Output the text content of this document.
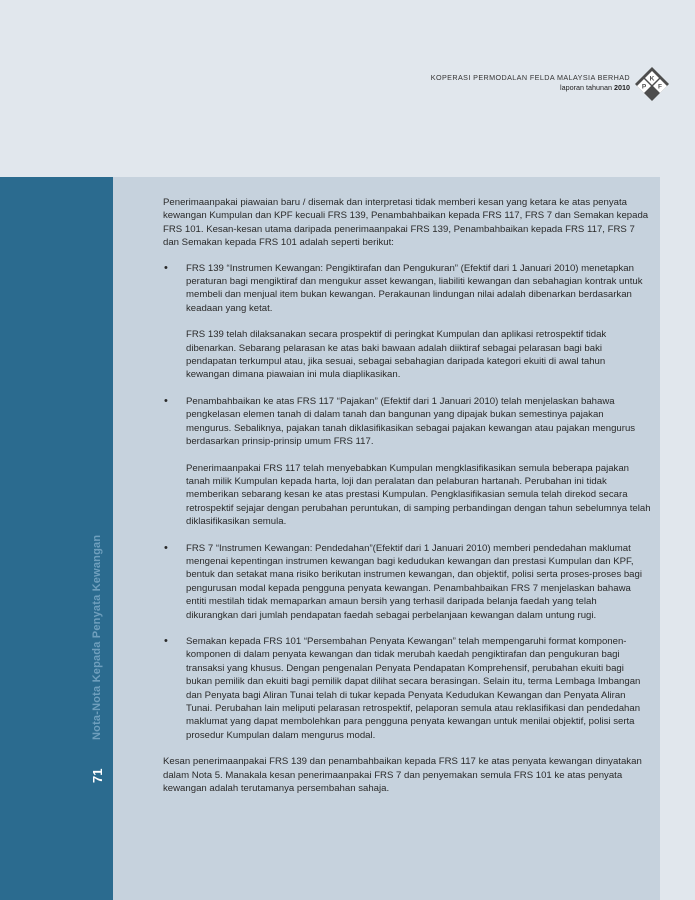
KOPERASI PERMODALAN FELDA MALAYSIA BERHAD
laporan tahunan 2010
K
P F
Nota-Nota Kepada Penyata Kewangan
71

Penerimaanpakai piawaian baru / disemak dan interpretasi tidak memberi kesan yang ketara ke atas penyata kewangan Kumpulan dan KPF kecuali FRS 139, Penambahbaikan kepada FRS 117, FRS 7 dan Semakan kepada FRS 101. Kesan-kesan utama daripada penerimaanpakai FRS 139, Penambahbaikan kepada FRS 117, FRS 7 dan Semakan kepada FRS 101 adalah seperti berikut:

• FRS 139 “Instrumen Kewangan: Pengiktirafan dan Pengukuran” (Efektif dari 1 Januari 2010) menetapkan peraturan bagi mengiktiraf dan mengukur asset kewangan, liabiliti kewangan dan sebahagian kontrak untuk membeli dan menjual item bukan kewangan. Perakaunan lindungan nilai adalah dibenarkan berdasarkan keadaan yang ketat.

FRS 139 telah dilaksanakan secara prospektif di peringkat Kumpulan dan aplikasi retrospektif tidak dibenarkan. Sebarang pelarasan ke atas baki bawaan adalah diiktiraf sebagai pelarasan bagi baki pendapatan terkumpul atau, jika sesuai, sebagai sebahagian daripada kategori ekuiti di awal tahun kewangan dimana piawaian ini mula diaplikasikan.

• Penambahbaikan ke atas FRS 117 “Pajakan” (Efektif dari 1 Januari 2010) telah menjelaskan bahawa pengkelasan elemen tanah di dalam tanah dan bangunan yang dipajak bukan semestinya pajakan mengurus. Sebaliknya, pajakan tanah diklasifikasikan sebagai pajakan kewangan atau pajakan mengurus berdasarkan prinsip-prinsip umum FRS 117.

Penerimaanpakai FRS 117 telah menyebabkan Kumpulan mengklasifikasikan semula beberapa pajakan tanah milik Kumpulan kepada harta, loji dan peralatan dan pelaburan hartanah. Perubahan ini tidak memberikan sebarang kesan ke atas prestasi Kumpulan. Pengklasifikasian semula telah direkod secara retrospektif sejajar dengan perubahan peruntukan, di samping perbandingan dengan tahun sebelumnya telah diklasifikasikan semula.

• FRS 7 “Instrumen Kewangan: Pendedahan”(Efektif dari 1 Januari 2010) memberi pendedahan maklumat mengenai kepentingan instrumen kewangan bagi kedudukan kewangan dan prestasi Kumpulan dan KPF, bentuk dan setakat mana risiko berikutan instrumen kewangan, dan objektif, polisi serta proses-proses bagi pengurusan modal kepada pengguna penyata kewangan. Penambahbaikan FRS 7 menjelaskan bahawa entiti mestilah tidak memaparkan amaun bersih yang terhasil daripada belanja faedah yang telah dikurangkan dari jumlah pendapatan faedah sebagai perbelanjaan kewangan dalam untung rugi.

• Semakan kepada FRS 101 “Persembahan Penyata Kewangan” telah mempengaruhi format komponen-komponen di dalam penyata kewangan dan tidak merubah kaedah pengiktirafan dan pengukuran bagi transaksi yang khusus. Dengan pengenalan Penyata Pendapatan Komprehensif, perubahan ekuiti bagi bukan pemilik dan ekuiti bagi pemilik dapat dilihat secara berasingan. Selain itu, terma Lembaga Imbangan dan Penyata bagi Aliran Tunai telah di tukar kepada Penyata Kedudukan Kewangan dan Penyata Aliran Tunai. Perubahan lain meliputi pelarasan retrospektif, pelaporan semula atau reklasifikasi dan pendedahan maklumat yang dapat membolehkan para pengguna penyata kewangan untuk menilai objektif, polisi serta prosedur Kumpulan dalam mengurus modal.

Kesan penerimaanpakai FRS 139 dan penambahbaikan kepada FRS 117 ke atas penyata kewangan dinyatakan dalam Nota 5. Manakala kesan penerimaanpakai FRS 7 dan penyemakan semula FRS 101 ke atas penyata kewangan adalah terutamanya persembahan sahaja.
